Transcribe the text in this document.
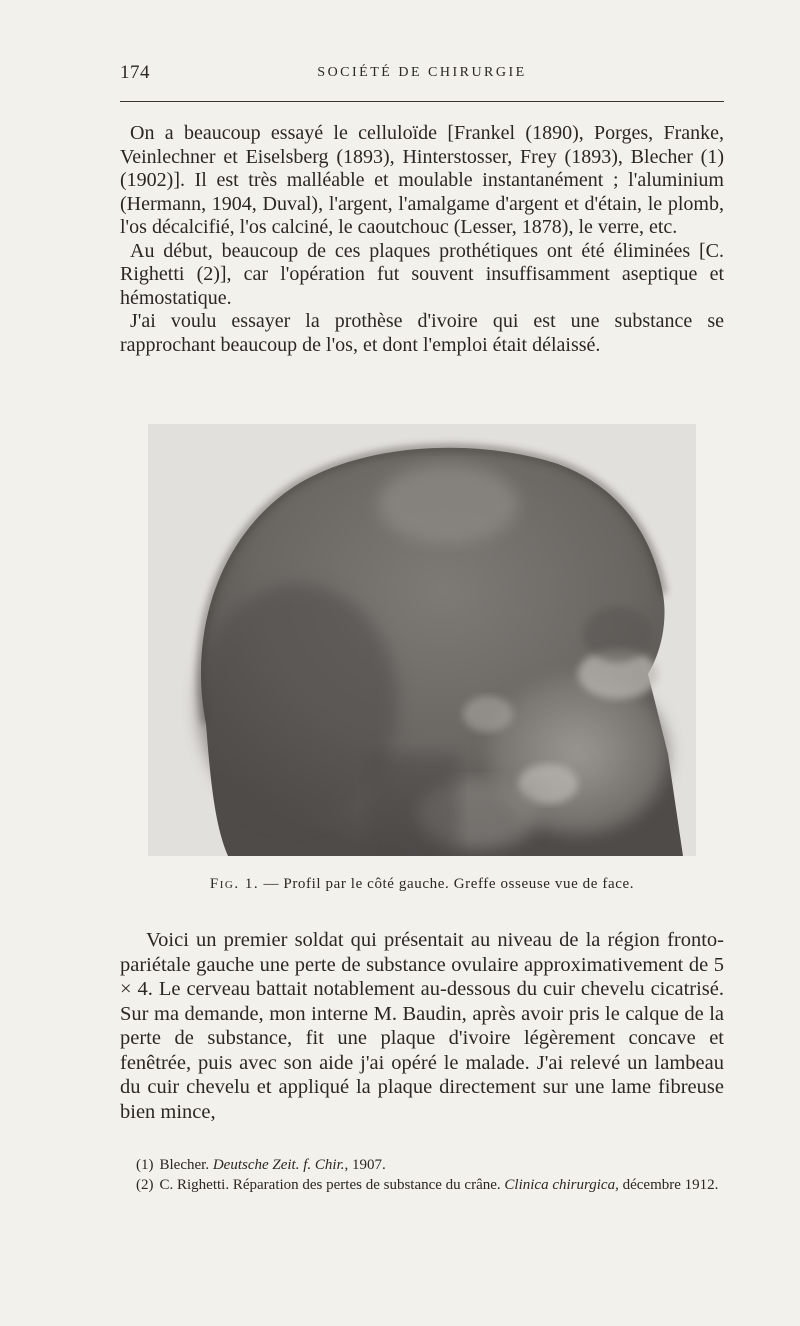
174	SOCIÉTÉ DE CHIRURGIE

On a beaucoup essayé le celluloïde [Frankel (1890), Porges, Franke, Veinlechner et Eiselsberg (1893), Hinterstosser, Frey (1893), Blecher (1) (1902)]. Il est très malléable et moulable instantanément ; l'aluminium (Hermann, 1904, Duval), l'argent, l'amalgame d'argent et d'étain, le plomb, l'os décalcifié, l'os calciné, le caoutchouc (Lesser, 1878), le verre, etc.

Au début, beaucoup de ces plaques prothétiques ont été éliminées [C. Righetti (2)], car l'opération fut souvent insuffisamment aseptique et hémostatique.

J'ai voulu essayer la prothèse d'ivoire qui est une substance se rapprochant beaucoup de l'os, et dont l'emploi était délaissé.

Fig. 1. — Profil par le côté gauche. Greffe osseuse vue de face.

Voici un premier soldat qui présentait au niveau de la région fronto-pariétale gauche une perte de substance ovulaire approximativement de 5 × 4. Le cerveau battait notablement au-dessous du cuir chevelu cicatrisé. Sur ma demande, mon interne M. Baudin, après avoir pris le calque de la perte de substance, fit une plaque d'ivoire légèrement concave et fenêtrée, puis avec son aide j'ai opéré le malade. J'ai relevé un lambeau du cuir chevelu et appliqué la plaque directement sur une lame fibreuse bien mince,

(1) Blecher. Deutsche Zeit. f. Chir., 1907.

(2) C. Righetti. Réparation des pertes de substance du crâne. Clinica chirurgica, décembre 1912.
